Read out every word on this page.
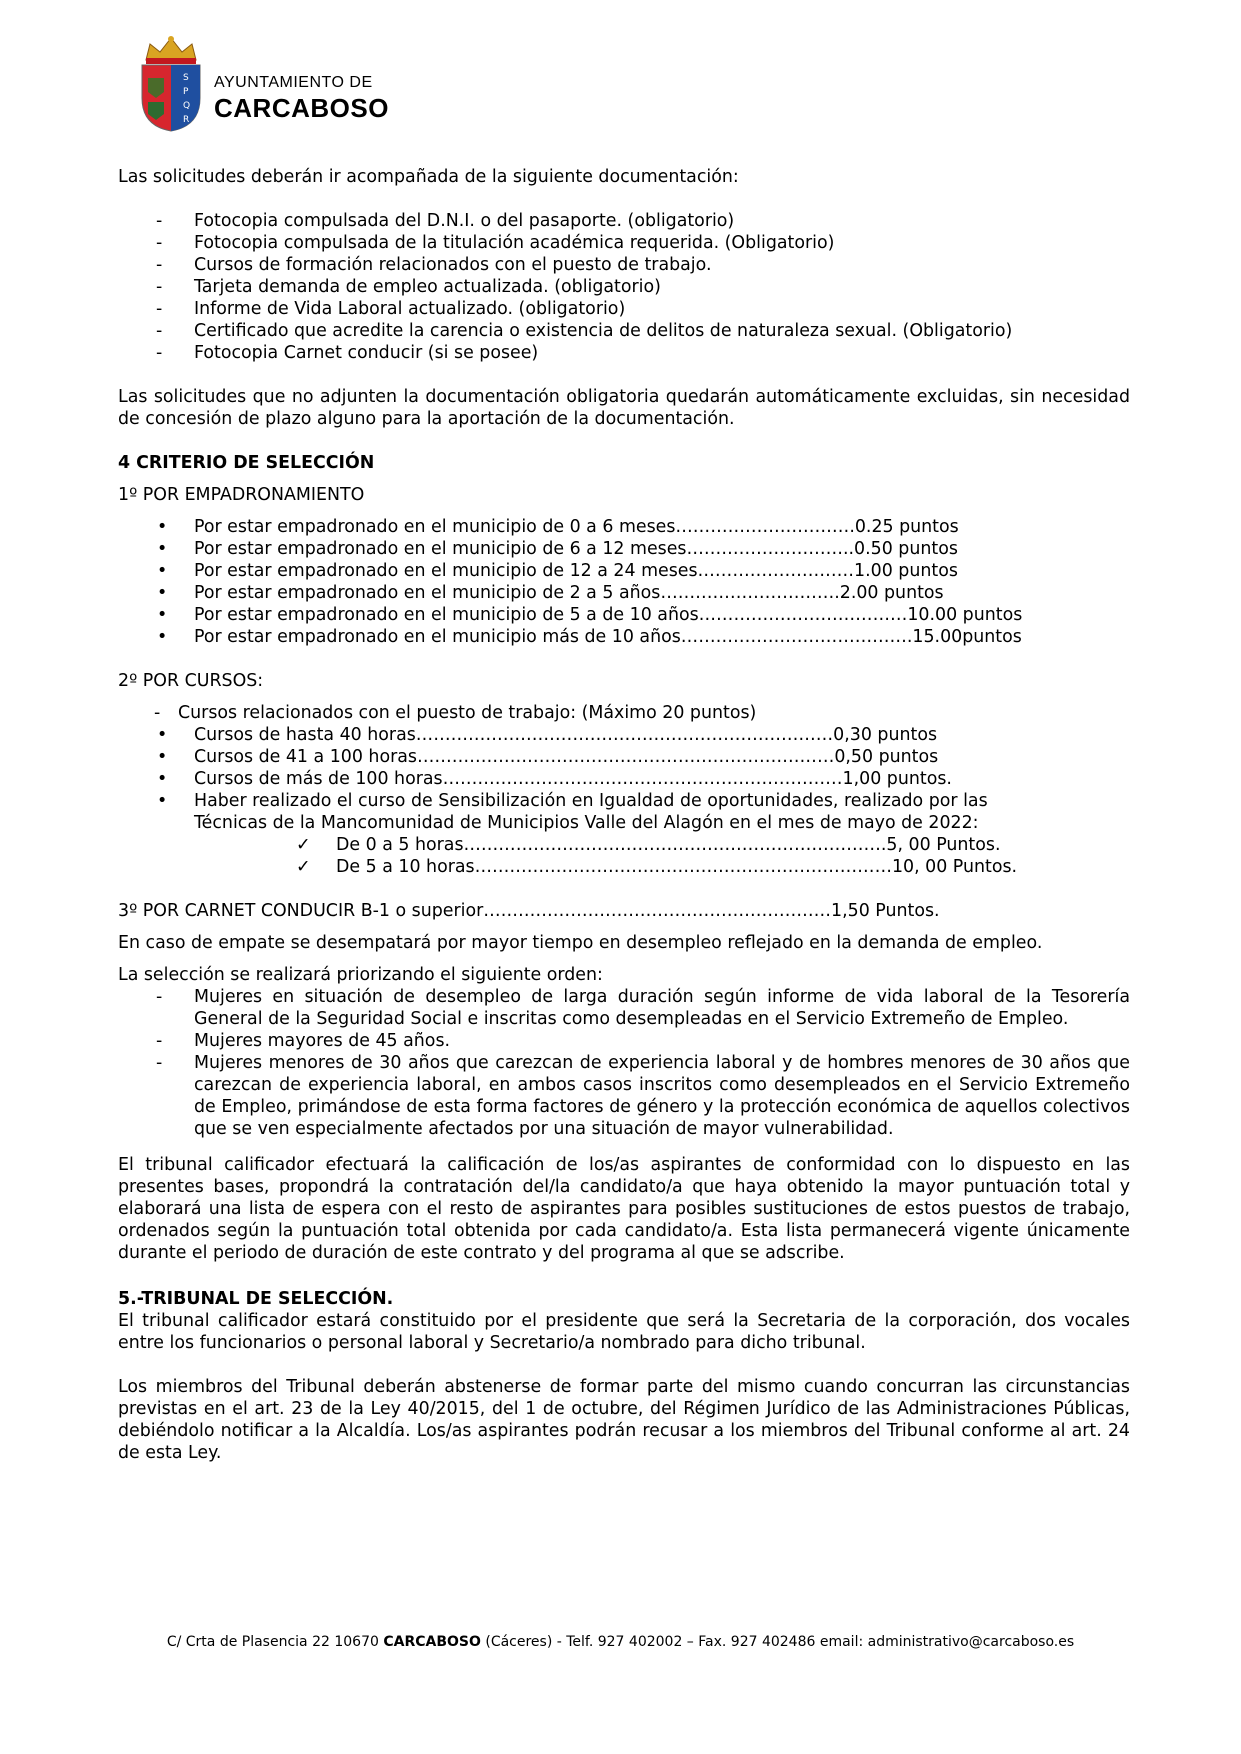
S
P
Q
R
AYUNTAMIENTO DE
CARCABOSO

Las solicitudes deberán ir acompañada de la siguiente documentación:

- Fotocopia compulsada del D.N.I. o del pasaporte. (obligatorio)
- Fotocopia compulsada de la titulación académica requerida. (Obligatorio)
- Cursos de formación relacionados con el puesto de trabajo.
- Tarjeta demanda de empleo actualizada. (obligatorio)
- Informe de Vida Laboral actualizado. (obligatorio)
- Certificado que acredite la carencia o existencia de delitos de naturaleza sexual. (Obligatorio)
- Fotocopia Carnet conducir (si se posee)

Las solicitudes que no adjunten la documentación obligatoria quedarán automáticamente excluidas, sin necesidad de concesión de plazo alguno para la aportación de la documentación.

4 CRITERIO DE SELECCIÓN

1º POR EMPADRONAMIENTO

• Por estar empadronado en el municipio de 0 a 6 meses………………………….0.25 puntos
• Por estar empadronado en el municipio de 6 a 12 meses………………………..0.50 puntos
• Por estar empadronado en el municipio de 12 a 24 meses………………………1.00 puntos
• Por estar empadronado en el municipio de 2 a 5 años………………………….2.00 puntos
• Por estar empadronado en el municipio de 5 a de 10 años………………………………10.00 puntos
• Por estar empadronado en el municipio más de 10 años………………………………….15.00puntos

2º POR CURSOS:

- Cursos relacionados con el puesto de trabajo: (Máximo 20 puntos)
• Cursos de hasta 40 horas………………………………………………………………0,30 puntos
• Cursos de 41 a 100 horas………………………………………………………………0,50 puntos
• Cursos de más de 100 horas……………………………………………………………1,00 puntos.
• Haber realizado el curso de Sensibilización en Igualdad de oportunidades, realizado por las Técnicas de la Mancomunidad de Municipios Valle del Alagón en el mes de mayo de 2022:
✓ De 0 a 5 horas……………………………………………………………….5, 00 Puntos.
✓ De 5 a 10 horas………………………………………………………………10, 00 Puntos.

3º POR CARNET CONDUCIR B-1 o superior……………………………………………………1,50 Puntos.

En caso de empate se desempatará por mayor tiempo en desempleo reflejado en la demanda de empleo.

La selección se realizará priorizando el siguiente orden:

- Mujeres en situación de desempleo de larga duración según informe de vida laboral de la Tesorería General de la Seguridad Social e inscritas como desempleadas en el Servicio Extremeño de Empleo.
- Mujeres mayores de 45 años.
- Mujeres menores de 30 años que carezcan de experiencia laboral y de hombres menores de 30 años que carezcan de experiencia laboral, en ambos casos inscritos como desempleados en el Servicio Extremeño de Empleo, primándose de esta forma factores de género y la protección económica de aquellos colectivos que se ven especialmente afectados por una situación de mayor vulnerabilidad.

El tribunal calificador efectuará la calificación de los/as aspirantes de conformidad con lo dispuesto en las presentes bases, propondrá la contratación del/la candidato/a que haya obtenido la mayor puntuación total y elaborará una lista de espera con el resto de aspirantes para posibles sustituciones de estos puestos de trabajo, ordenados según la puntuación total obtenida por cada candidato/a. Esta lista permanecerá vigente únicamente durante el periodo de duración de este contrato y del programa al que se adscribe.

5.-TRIBUNAL DE SELECCIÓN.

El tribunal calificador estará constituido por el presidente que será la Secretaria de la corporación, dos vocales entre los funcionarios o personal laboral y Secretario/a nombrado para dicho tribunal.

Los miembros del Tribunal deberán abstenerse de formar parte del mismo cuando concurran las circunstancias previstas en el art. 23 de la Ley 40/2015, del 1 de octubre, del Régimen Jurídico de las Administraciones Públicas, debiéndolo notificar a la Alcaldía. Los/as aspirantes podrán recusar a los miembros del Tribunal conforme al art. 24 de esta Ley.

C/ Crta de Plasencia 22 10670 CARCABOSO (Cáceres) - Telf. 927 402002 – Fax. 927 402486 email: administrativo@carcaboso.es
